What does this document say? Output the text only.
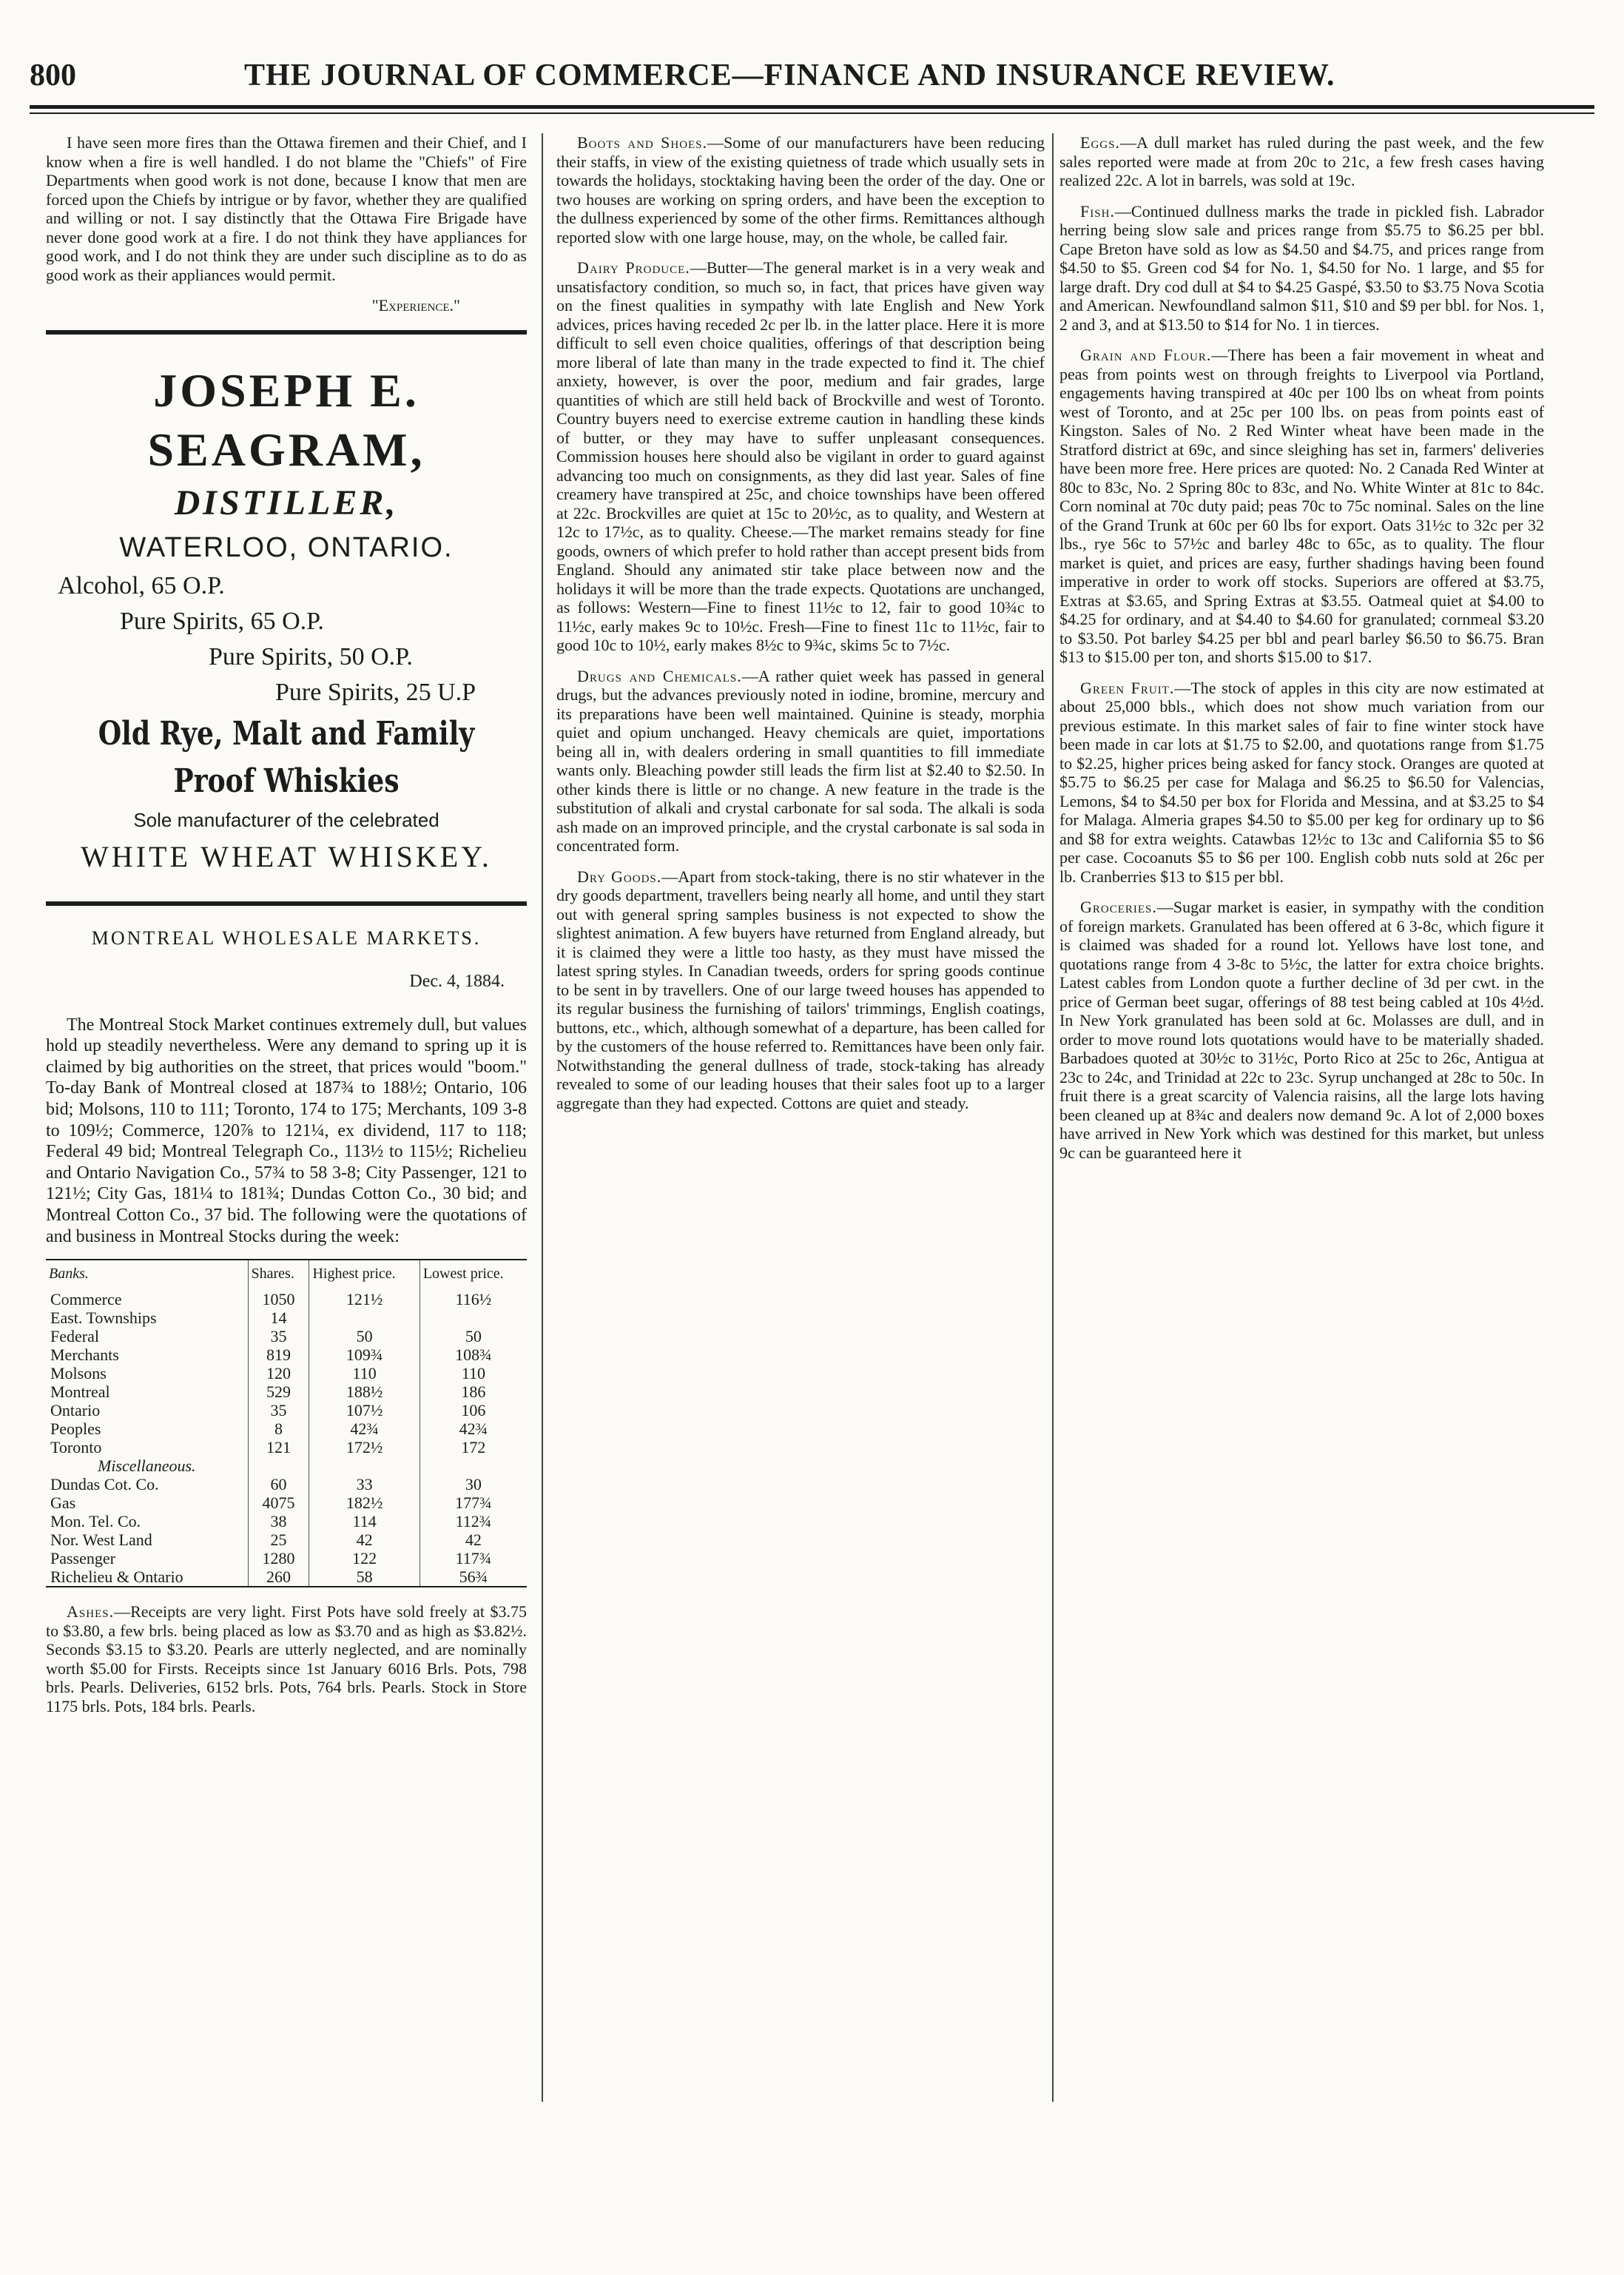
800	THE JOURNAL OF COMMERCE—FINANCE AND INSURANCE REVIEW.

I have seen more fires than the Ottawa firemen and their Chief, and I know when a fire is well handled. I do not blame the "Chiefs" of Fire Departments when good work is not done, because I know that men are forced upon the Chiefs by intrigue or by favor, whether they are qualified and willing or not. I say distinctly that the Ottawa Fire Brigade have never done good work at a fire. I do not think they have appliances for good work, and I do not think they are under such discipline as to do as good work as their appliances would permit.

"Experience."
JOSEPH E. SEAGRAM,
DISTILLER,
WATERLOO, ONTARIO.
Alcohol, 65 O.P.
Pure Spirits, 65 O.P.
Pure Spirits, 50 O.P.
Pure Spirits, 25 U.P
Old Rye, Malt and Family Proof Whiskies
Sole manufacturer of the celebrated
WHITE WHEAT WHISKEY.
MONTREAL WHOLESALE MARKETS.
Dec. 4, 1884.

The Montreal Stock Market continues extremely dull, but values hold up steadily nevertheless. Were any demand to spring up it is claimed by big authorities on the street, that prices would "boom." To-day Bank of Montreal closed at 187¾ to 188½; Ontario, 106 bid; Molsons, 110 to 111; Toronto, 174 to 175; Merchants, 109 3-8 to 109½; Commerce, 120⅞ to 121¼, ex dividend, 117 to 118; Federal 49 bid; Montreal Telegraph Co., 113½ to 115½; Richelieu and Ontario Navigation Co., 57¾ to 58 3-8; City Passenger, 121 to 121½; City Gas, 181¼ to 181¾; Dundas Cotton Co., 30 bid; and Montreal Cotton Co., 37 bid. The following were the quotations of and business in Montreal Stocks during the week:

Banks.	Shares.	Highest price.	Lowest price.
Commerce	1050	121½	116½
East. Townships	14		
Federal	35	50	50
Merchants	819	109¾	108¾
Molsons	120	110	110
Montreal	529	188½	186
Ontario	35	107½	106
Peoples	8	42¾	42¾
Toronto	121	172½	172
Miscellaneous.			
Dundas Cot. Co.	60	33	30
Gas	4075	182½	177¾
Mon. Tel. Co.	38	114	112¾
Nor. West Land	25	42	42
Passenger	1280	122	117¾
Richelieu & Ontario	260	58	56¾

Ashes.—Receipts are very light. First Pots have sold freely at $3.75 to $3.80, a few brls. being placed as low as $3.70 and as high as $3.82½. Seconds $3.15 to $3.20. Pearls are utterly neglected, and are nominally worth $5.00 for Firsts. Receipts since 1st January 6016 Brls. Pots, 798 brls. Pearls. Deliveries, 6152 brls. Pots, 764 brls. Pearls. Stock in Store 1175 brls. Pots, 184 brls. Pearls.

Boots and Shoes.—Some of our manufacturers have been reducing their staffs, in view of the existing quietness of trade which usually sets in towards the holidays, stocktaking having been the order of the day. One or two houses are working on spring orders, and have been the exception to the dullness experienced by some of the other firms. Remittances although reported slow with one large house, may, on the whole, be called fair.

Dairy Produce.—Butter—The general market is in a very weak and unsatisfactory condition, so much so, in fact, that prices have given way on the finest qualities in sympathy with late English and New York advices, prices having receded 2c per lb. in the latter place. Here it is more difficult to sell even choice qualities, offerings of that description being more liberal of late than many in the trade expected to find it. The chief anxiety, however, is over the poor, medium and fair grades, large quantities of which are still held back of Brockville and west of Toronto. Country buyers need to exercise extreme caution in handling these kinds of butter, or they may have to suffer unpleasant consequences. Commission houses here should also be vigilant in order to guard against advancing too much on consignments, as they did last year. Sales of fine creamery have transpired at 25c, and choice townships have been offered at 22c. Brockvilles are quiet at 15c to 20½c, as to quality, and Western at 12c to 17½c, as to quality. Cheese.—The market remains steady for fine goods, owners of which prefer to hold rather than accept present bids from England. Should any animated stir take place between now and the holidays it will be more than the trade expects. Quotations are unchanged, as follows: Western—Fine to finest 11½c to 12, fair to good 10¾c to 11½c, early makes 9c to 10½c. Fresh—Fine to finest 11c to 11½c, fair to good 10c to 10½, early makes 8½c to 9¾c, skims 5c to 7½c.

Drugs and Chemicals.—A rather quiet week has passed in general drugs, but the advances previously noted in iodine, bromine, mercury and its preparations have been well maintained. Quinine is steady, morphia quiet and opium unchanged. Heavy chemicals are quiet, importations being all in, with dealers ordering in small quantities to fill immediate wants only. Bleaching powder still leads the firm list at $2.40 to $2.50. In other kinds there is little or no change. A new feature in the trade is the substitution of alkali and crystal carbonate for sal soda. The alkali is soda ash made on an improved principle, and the crystal carbonate is sal soda in concentrated form.

Dry Goods.—Apart from stock-taking, there is no stir whatever in the dry goods department, travellers being nearly all home, and until they start out with general spring samples business is not expected to show the slightest animation. A few buyers have returned from England already, but it is claimed they were a little too hasty, as they must have missed the latest spring styles. In Canadian tweeds, orders for spring goods continue to be sent in by travellers. One of our large tweed houses has appended to its regular business the furnishing of tailors' trimmings, English coatings, buttons, etc., which, although somewhat of a departure, has been called for by the customers of the house referred to. Remittances have been only fair. Notwithstanding the general dullness of trade, stock-taking has already revealed to some of our leading houses that their sales foot up to a larger aggregate than they had expected. Cottons are quiet and steady.

Eggs.—A dull market has ruled during the past week, and the few sales reported were made at from 20c to 21c, a few fresh cases having realized 22c. A lot in barrels, was sold at 19c.

Fish.—Continued dullness marks the trade in pickled fish. Labrador herring being slow sale and prices range from $5.75 to $6.25 per bbl. Cape Breton have sold as low as $4.50 and $4.75, and prices range from $4.50 to $5. Green cod $4 for No. 1, $4.50 for No. 1 large, and $5 for large draft. Dry cod dull at $4 to $4.25 Gaspé, $3.50 to $3.75 Nova Scotia and American. Newfoundland salmon $11, $10 and $9 per bbl. for Nos. 1, 2 and 3, and at $13.50 to $14 for No. 1 in tierces.

Grain and Flour.—There has been a fair movement in wheat and peas from points west on through freights to Liverpool via Portland, engagements having transpired at 40c per 100 lbs on wheat from points west of Toronto, and at 25c per 100 lbs. on peas from points east of Kingston. Sales of No. 2 Red Winter wheat have been made in the Stratford district at 69c, and since sleighing has set in, farmers' deliveries have been more free. Here prices are quoted: No. 2 Canada Red Winter at 80c to 83c, No. 2 Spring 80c to 83c, and No. White Winter at 81c to 84c. Corn nominal at 70c duty paid; peas 70c to 75c nominal. Sales on the line of the Grand Trunk at 60c per 60 lbs for export. Oats 31½c to 32c per 32 lbs., rye 56c to 57½c and barley 48c to 65c, as to quality. The flour market is quiet, and prices are easy, further shadings having been found imperative in order to work off stocks. Superiors are offered at $3.75, Extras at $3.65, and Spring Extras at $3.55. Oatmeal quiet at $4.00 to $4.25 for ordinary, and at $4.40 to $4.60 for granulated; cornmeal $3.20 to $3.50. Pot barley $4.25 per bbl and pearl barley $6.50 to $6.75. Bran $13 to $15.00 per ton, and shorts $15.00 to $17.

Green Fruit.—The stock of apples in this city are now estimated at about 25,000 bbls., which does not show much variation from our previous estimate. In this market sales of fair to fine winter stock have been made in car lots at $1.75 to $2.00, and quotations range from $1.75 to $2.25, higher prices being asked for fancy stock. Oranges are quoted at $5.75 to $6.25 per case for Malaga and $6.25 to $6.50 for Valencias, Lemons, $4 to $4.50 per box for Florida and Messina, and at $3.25 to $4 for Malaga. Almeria grapes $4.50 to $5.00 per keg for ordinary up to $6 and $8 for extra weights. Catawbas 12½c to 13c and California $5 to $6 per case. Cocoanuts $5 to $6 per 100. English cobb nuts sold at 26c per lb. Cranberries $13 to $15 per bbl.

Groceries.—Sugar market is easier, in sympathy with the condition of foreign markets. Granulated has been offered at 6 3-8c, which figure it is claimed was shaded for a round lot. Yellows have lost tone, and quotations range from 4 3-8c to 5½c, the latter for extra choice brights. Latest cables from London quote a further decline of 3d per cwt. in the price of German beet sugar, offerings of 88 test being cabled at 10s 4½d. In New York granulated has been sold at 6c. Molasses are dull, and in order to move round lots quotations would have to be materially shaded. Barbadoes quoted at 30½c to 31½c, Porto Rico at 25c to 26c, Antigua at 23c to 24c, and Trinidad at 22c to 23c. Syrup unchanged at 28c to 50c. In fruit there is a great scarcity of Valencia raisins, all the large lots having been cleaned up at 8¾c and dealers now demand 9c. A lot of 2,000 boxes have arrived in New York which was destined for this market, but unless 9c can be guaranteed here it
